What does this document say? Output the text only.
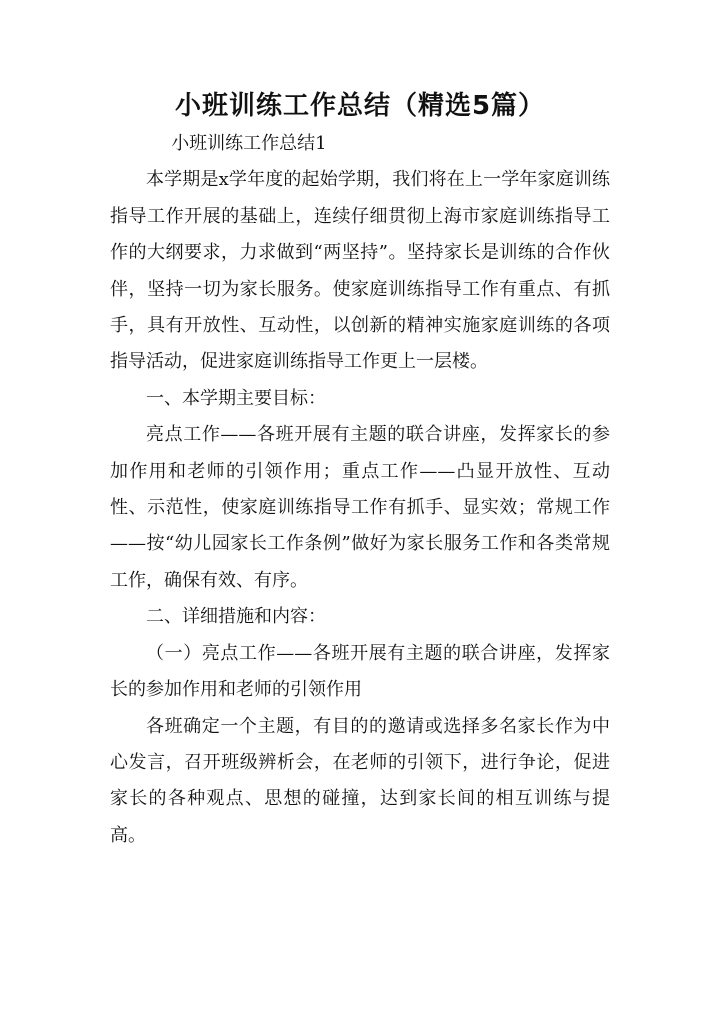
小班训练工作总结（精选5篇）

小班训练工作总结1

本学期是x学年度的起始学期，我们将在上一学年家庭训练指导工作开展的基础上，连续仔细贯彻上海市家庭训练指导工作的大纲要求，力求做到“两坚持”。坚持家长是训练的合作伙伴，坚持一切为家长服务。使家庭训练指导工作有重点、有抓手，具有开放性、互动性，以创新的精神实施家庭训练的各项指导活动，促进家庭训练指导工作更上一层楼。

一、本学期主要目标：

亮点工作——各班开展有主题的联合讲座，发挥家长的参加作用和老师的引领作用；重点工作——凸显开放性、互动性、示范性，使家庭训练指导工作有抓手、显实效；常规工作——按“幼儿园家长工作条例”做好为家长服务工作和各类常规工作，确保有效、有序。

二、详细措施和内容：

（一）亮点工作——各班开展有主题的联合讲座，发挥家长的参加作用和老师的引领作用

各班确定一个主题，有目的的邀请或选择多名家长作为中心发言，召开班级辨析会，在老师的引领下，进行争论，促进家长的各种观点、思想的碰撞，达到家长间的相互训练与提高。
